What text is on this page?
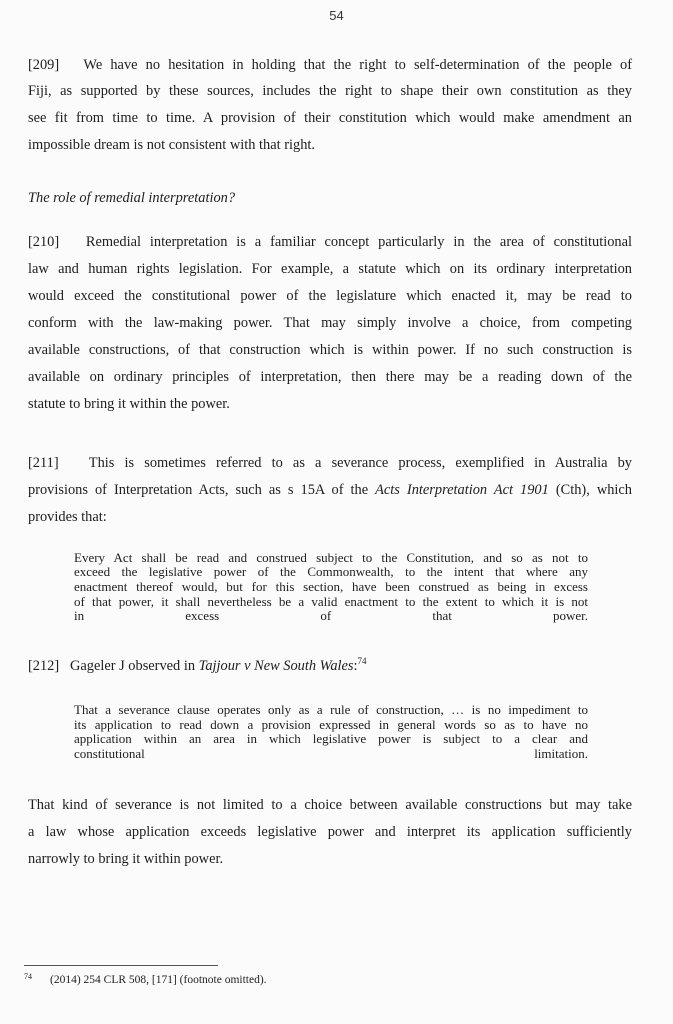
54
[209] We have no hesitation in holding that the right to self-determination of the people of
Fiji, as supported by these sources, includes the right to shape their own constitution as they
see fit from time to time. A provision of their constitution which would make amendment an
impossible dream is not consistent with that right.
The role of remedial interpretation?
[210] Remedial interpretation is a familiar concept particularly in the area of constitutional
law and human rights legislation. For example, a statute which on its ordinary interpretation
would exceed the constitutional power of the legislature which enacted it, may be read to
conform with the law-making power. That may simply involve a choice, from competing
available constructions, of that construction which is within power. If no such construction is
available on ordinary principles of interpretation, then there may be a reading down of the
statute to bring it within the power.
[211] This is sometimes referred to as a severance process, exemplified in Australia by
provisions of Interpretation Acts, such as s 15A of the Acts Interpretation Act 1901 (Cth), which
provides that:
Every Act shall be read and construed subject to the Constitution, and so as not to
exceed the legislative power of the Commonwealth, to the intent that where any
enactment thereof would, but for this section, have been construed as being in excess
of that power, it shall nevertheless be a valid enactment to the extent to which it is not
in excess of that power.
[212] Gageler J observed in Tajjour v New South Wales:$^{74}$
That a severance clause operates only as a rule of construction, … is no impediment to
its application to read down a provision expressed in general words so as to have no
application within an area in which legislative power is subject to a clear and
constitutional limitation.
That kind of severance is not limited to a choice between available constructions but may take
a law whose application exceeds legislative power and interpret its application sufficiently
narrowly to bring it within power.
$^{74}$ (2014) 254 CLR 508, [171] (footnote omitted).
